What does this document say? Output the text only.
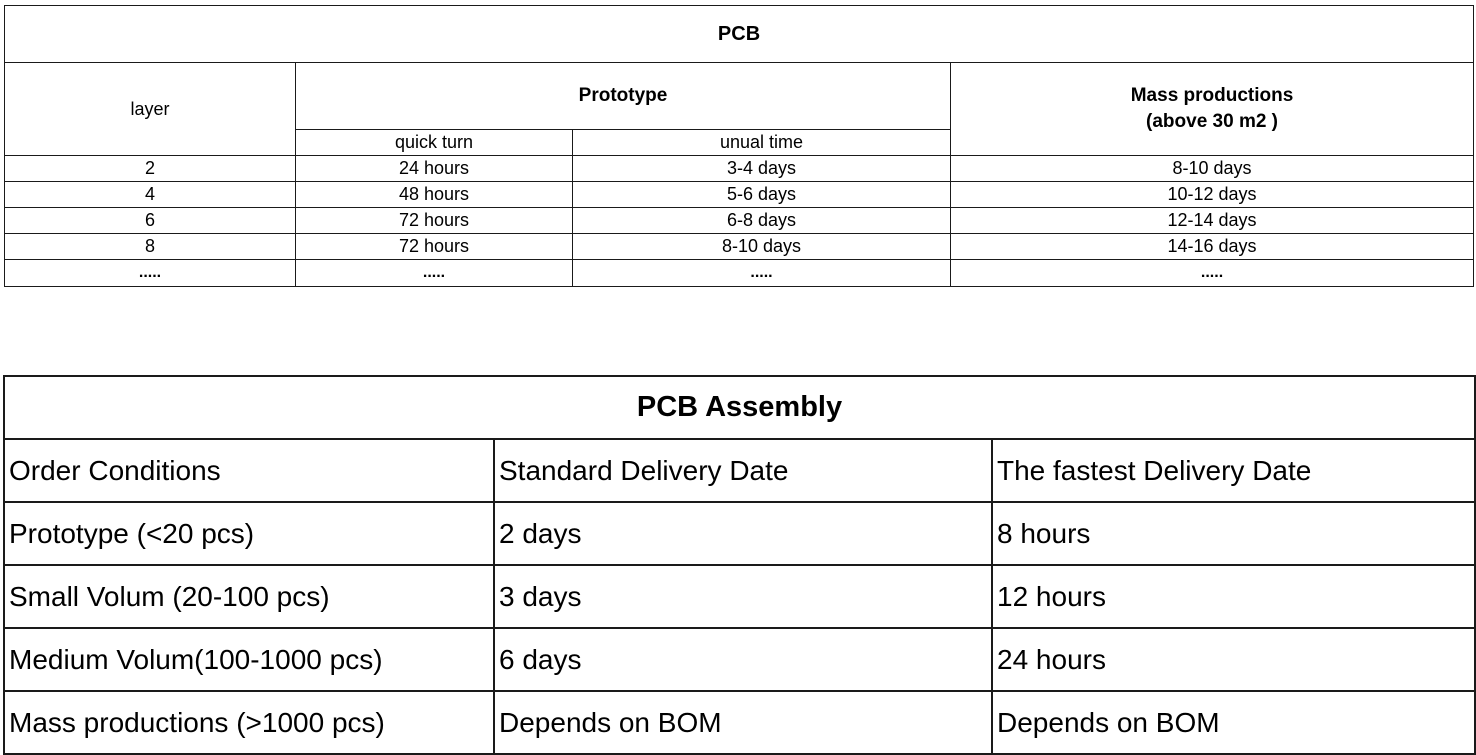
PCB			
layer	Prototype		Mass productions
(above 30 m2 )

	quick turn	unual time	
2	24 hours	3-4 days	8-10 days
4	48 hours	5-6 days	10-12 days
6	72 hours	6-8 days	12-14 days
8	72 hours	8-10 days	14-16 days
.....	.....	.....	.....
PCB Assembly		
Order Conditions	Standard Delivery Date	The fastest Delivery Date
Prototype (<20 pcs)	2 days	8 hours
Small Volum (20-100 pcs)	3 days	12 hours
Medium Volum(100-1000 pcs)	6 days	24 hours
Mass productions (>1000 pcs)	Depends on BOM	Depends on BOM
